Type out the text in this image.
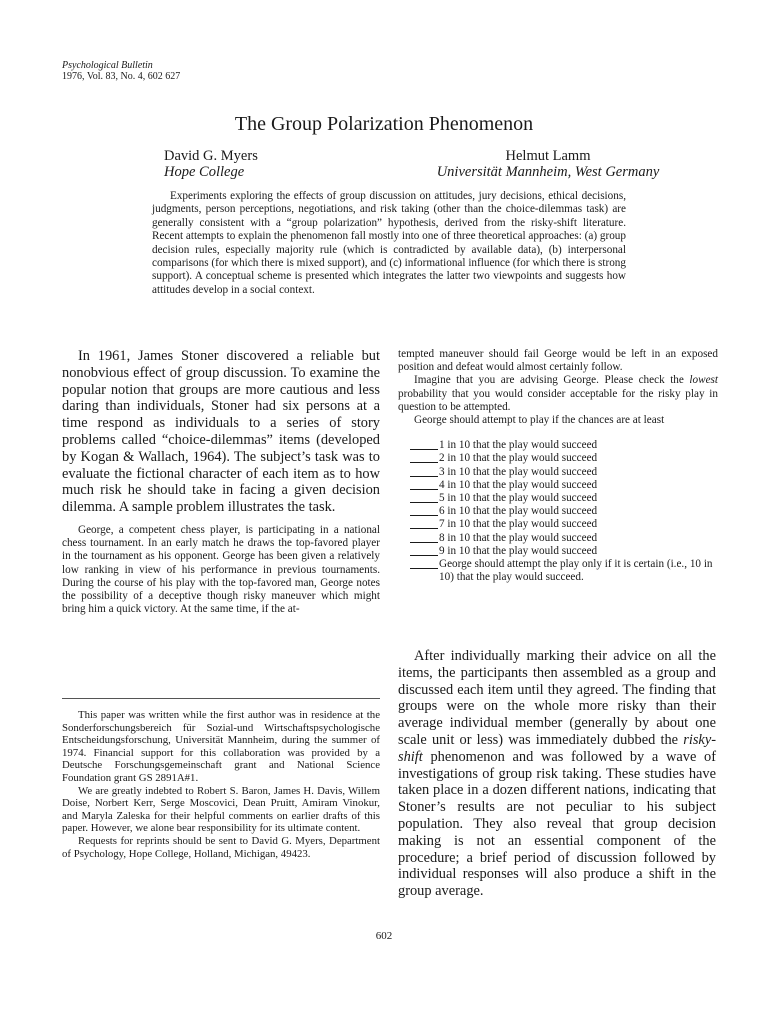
Psychological Bulletin
1976, Vol. 83, No. 4, 602 627
The Group Polarization Phenomenon
David G. Myers
Hope College
Helmut Lamm
Universität Mannheim, West Germany

Experiments exploring the effects of group discussion on attitudes, jury decisions, ethical decisions, judgments, person perceptions, negotiations, and risk taking (other than the choice-dilemmas task) are generally consistent with a “group polarization” hypothesis, derived from the risky-shift literature. Recent attempts to explain the phenomenon fall mostly into one of three theoretical approaches: (a) group decision rules, especially majority rule (which is contradicted by available data), (b) interpersonal comparisons (for which there is mixed support), and (c) informational influence (for which there is strong support). A conceptual scheme is presented which integrates the latter two viewpoints and suggests how attitudes develop in a social context.

In 1961, James Stoner discovered a reliable but nonobvious effect of group discussion. To examine the popular notion that groups are more cautious and less daring than individuals, Stoner had six persons at a time respond as individuals to a series of story problems called “choice-dilemmas” items (developed by Kogan & Wallach, 1964). The subject’s task was to evaluate the fictional character of each item as to how much risk he should take in facing a given decision dilemma. A sample problem illustrates the task.

George, a competent chess player, is participating in a national chess tournament. In an early match he draws the top-favored player in the tournament as his opponent. George has been given a relatively low ranking in view of his performance in previous tournaments. During the course of his play with the top-favored man, George notes the possibility of a deceptive though risky maneuver which might bring him a quick victory. At the same time, if the at-

This paper was written while the first author was in residence at the Sonderforschungsbereich für Sozial-und Wirtschaftspsychologische Entscheidungsforschung, Universität Mannheim, during the summer of 1974. Financial support for this collaboration was provided by a Deutsche Forschungsgemeinschaft grant and National Science Foundation grant GS 2891A#1.

We are greatly indebted to Robert S. Baron, James H. Davis, Willem Doise, Norbert Kerr, Serge Moscovici, Dean Pruitt, Amiram Vinokur, and Maryla Zaleska for their helpful comments on earlier drafts of this paper. However, we alone bear responsibility for its ultimate content.

Requests for reprints should be sent to David G. Myers, Department of Psychology, Hope College, Holland, Michigan, 49423.

tempted maneuver should fail George would be left in an exposed position and defeat would almost certainly follow.

Imagine that you are advising George. Please check the lowest probability that you would consider acceptable for the risky play in question to be attempted.

George should attempt to play if the chances are at least

1 in 10 that the play would succeed
2 in 10 that the play would succeed
3 in 10 that the play would succeed
4 in 10 that the play would succeed
5 in 10 that the play would succeed
6 in 10 that the play would succeed
7 in 10 that the play would succeed
8 in 10 that the play would succeed
9 in 10 that the play would succeed
George should attempt the play only if it is certain (i.e., 10 in 10) that the play would succeed.

After individually marking their advice on all the items, the participants then assembled as a group and discussed each item until they agreed. The finding that groups were on the whole more risky than their average individual member (generally by about one scale unit or less) was immediately dubbed the risky-shift phenomenon and was followed by a wave of investigations of group risk taking. These studies have taken place in a dozen different nations, indicating that Stoner’s results are not peculiar to his subject population. They also reveal that group decision making is not an essential component of the procedure; a brief period of discussion followed by individual responses will also produce a shift in the group average.

602
